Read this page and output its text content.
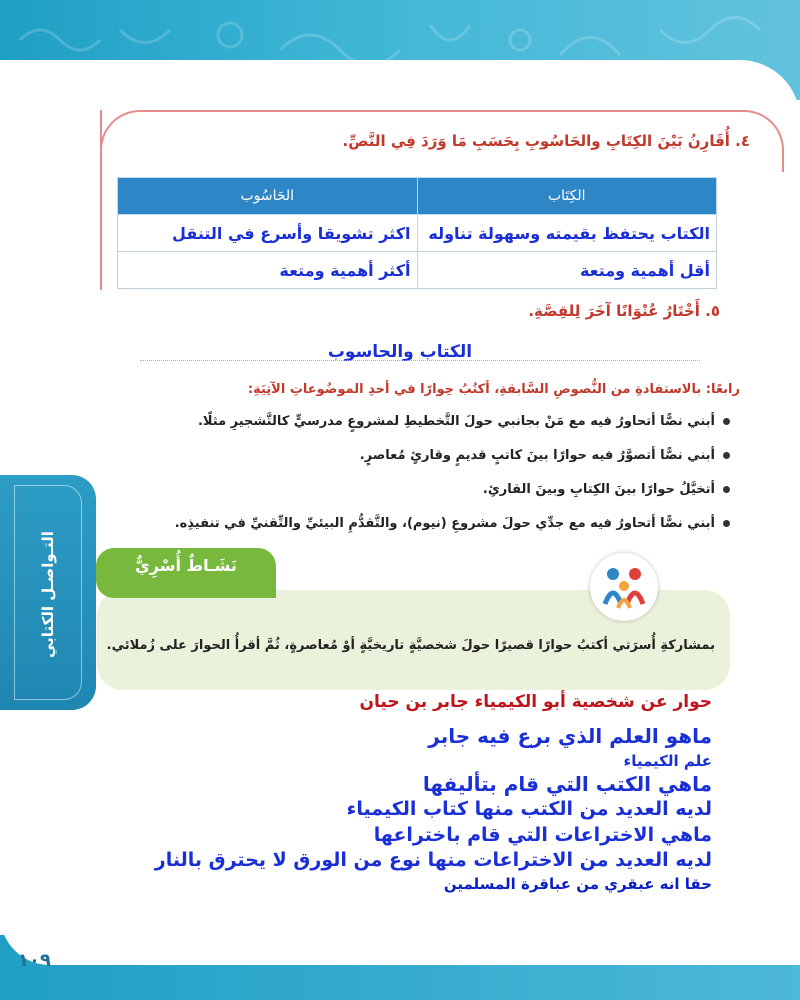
٤. أُقَارِنُ بَيْنَ الكِتَابِ والحَاسُوبِ بِحَسَبِ مَا وَرَدَ فِي النَّصِّ.
الكِتَاب	الحَاسُوب
الكتاب يحتفظ بقيمته وسهولة تناوله	اكثر تشويقا وأسرع في التنقل
أقل أهمية ومتعة	أكثر أهمية ومتعة
٥. أَخْتَارُ عُنْوَانًا آخَرَ لِلقِصَّةِ.
الكتاب والحاسوب
رابعًا: بالاستفادةِ من النُّصوصِ السَّابقةِ، أكتُبُ حِوارًا في أحدِ الموضُوعاتِ الآتِيَةِ:
أبني نصًّا أتحاورُ فيه مع مَنْ بجانبي حولَ التَّخطيطِ لمشروعٍ مدرسيٍّ كالتَّشجيرِ مثلًا.
أبني نصًّا أتصوَّرُ فيه حوارًا بينَ كاتبٍ قديمٍ وقارئٍ مُعاصرٍ.
أتخيَّلُ حوارًا بينَ الكِتابِ وبينَ القارئِ.
أبني نصًّا أتحاورُ فيه مع جدِّي حولَ مشروعِ (نيوم)، والتَّقدُّمِ البيئيِّ والتِّقنيِّ في تنفيذِه.
التـواصـل الكتابي	نَشَـاطٌ أُسْرِيٌّ
بمشاركةِ أُسرَتي أكتبُ حوارًا قصيرًا حولَ شخصيَّةٍ تاريخيَّةٍ أوْ مُعاصرةٍ، ثُمَّ أقرأُ الحوارَ على زُملائي.
حوار عن شخصية أبو الكيمياء جابر بن حيان
ماهو العلم الذي برع فيه جابر
علم الكيمياء
ماهي الكتب التي قام بتأليفها
لديه العديد من الكتب منها كتاب الكيمياء
ماهي الاختراعات التي قام باختراعها
لديه العديد من الاختراعات منها نوع من الورق لا يحترق بالنار
حقا انه عبقري من عباقرة المسلمين
١٠٩
